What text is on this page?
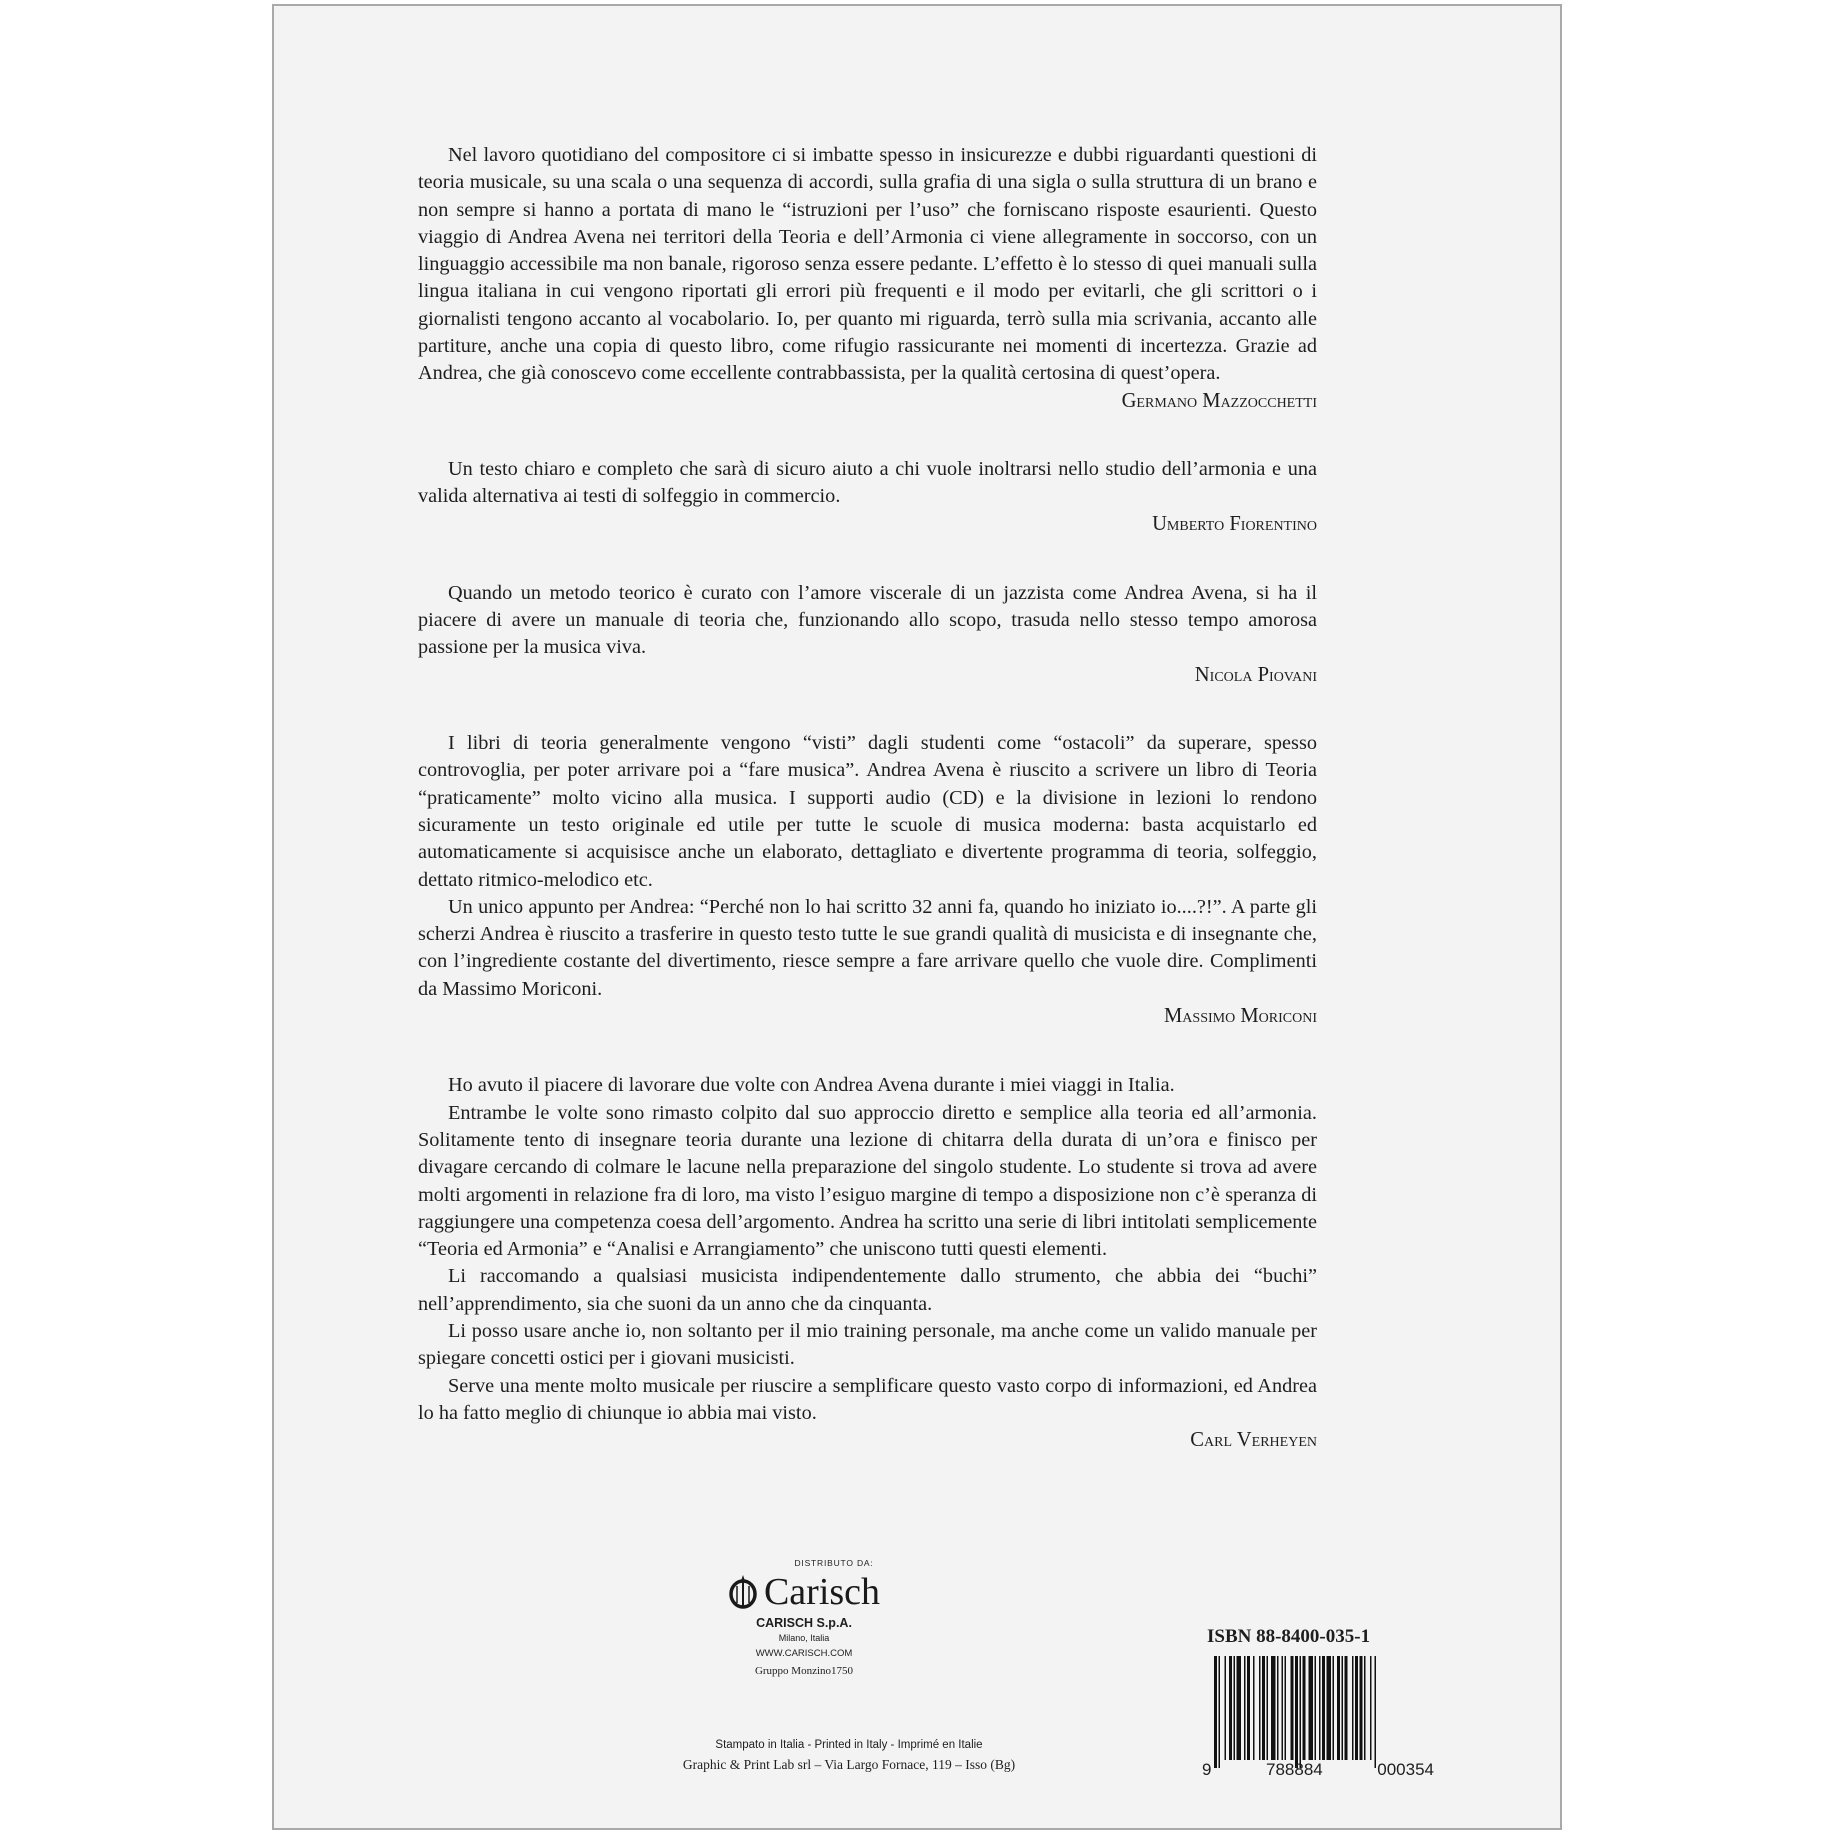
Nel lavoro quotidiano del compositore ci si imbatte spesso in insicurezze e dubbi riguardanti questioni di teoria musicale, su una scala o una sequenza di accordi, sulla grafia di una sigla o sulla struttura di un brano e non sempre si hanno a portata di mano le “istruzioni per l’uso” che forniscano risposte esaurienti. Questo viaggio di Andrea Avena nei territori della Teoria e dell’Armonia ci viene allegramente in soccorso, con un linguaggio accessibile ma non banale, rigoroso senza essere pedante. L’effetto è lo stesso di quei manuali sulla lingua italiana in cui vengono riportati gli errori più frequenti e il modo per evitarli, che gli scrittori o i giornalisti tengono accanto al vocabolario. Io, per quanto mi riguarda, terrò sulla mia scrivania, accanto alle partiture, anche una copia di questo libro, come rifugio rassicurante nei momenti di incertezza. Grazie ad Andrea, che già conoscevo come eccellente contrabbassista, per la qualità certosina di quest’opera.

Germano Mazzocchetti

Un testo chiaro e completo che sarà di sicuro aiuto a chi vuole inoltrarsi nello studio dell’armonia e una valida alternativa ai testi di solfeggio in commercio.

Umberto Fiorentino

Quando un metodo teorico è curato con l’amore viscerale di un jazzista come Andrea Avena, si ha il piacere di avere un manuale di teoria che, funzionando allo scopo, trasuda nello stesso tempo amorosa passione per la musica viva.

Nicola Piovani

I libri di teoria generalmente vengono “visti” dagli studenti come “ostacoli” da superare, spesso controvoglia, per poter arrivare poi a “fare musica”. Andrea Avena è riuscito a scrivere un libro di Teoria “praticamente” molto vicino alla musica. I supporti audio (CD) e la divisione in lezioni lo rendono sicuramente un testo originale ed utile per tutte le scuole di musica moderna: basta acquistarlo ed automaticamente si acquisisce anche un elaborato, dettagliato e divertente programma di teoria, solfeggio, dettato ritmico-melodico etc.

Un unico appunto per Andrea: “Perché non lo hai scritto 32 anni fa, quando ho iniziato io....?!”. A parte gli scherzi Andrea è riuscito a trasferire in questo testo tutte le sue grandi qualità di musicista e di insegnante che, con l’ingrediente costante del divertimento, riesce sempre a fare arrivare quello che vuole dire. Complimenti da Massimo Moriconi.

Massimo Moriconi

Ho avuto il piacere di lavorare due volte con Andrea Avena durante i miei viaggi in Italia.

Entrambe le volte sono rimasto colpito dal suo approccio diretto e semplice alla teoria ed all’armonia. Solitamente tento di insegnare teoria durante una lezione di chitarra della durata di un’ora e finisco per divagare cercando di colmare le lacune nella preparazione del singolo studente. Lo studente si trova ad avere molti argomenti in relazione fra di loro, ma visto l’esiguo margine di tempo a disposizione non c’è speranza di raggiungere una competenza coesa dell’argomento. Andrea ha scritto una serie di libri intitolati semplicemente “Teoria ed Armonia” e “Analisi e Arrangiamento” che uniscono tutti questi elementi.

Li raccomando a qualsiasi musicista indipendentemente dallo strumento, che abbia dei “buchi” nell’apprendimento, sia che suoni da un anno che da cinquanta.

Li posso usare anche io, non soltanto per il mio training personale, ma anche come un valido manuale per spiegare concetti ostici per i giovani musicisti.

Serve una mente molto musicale per riuscire a semplificare questo vasto corpo di informazioni, ed Andrea lo ha fatto meglio di chiunque io abbia mai visto.

Carl Verheyen

DISTRIBUTO DA:
Carisch
CARISCH S.p.A.
Milano, Italia
WWW.CARISCH.COM
Gruppo Monzino1750
ISBN 88-8400-035-1
9	788884	000354
Stampato in Italia - Printed in Italy - Imprimé en Italie
Graphic & Print Lab srl – Via Largo Fornace, 119 – Isso (Bg)
